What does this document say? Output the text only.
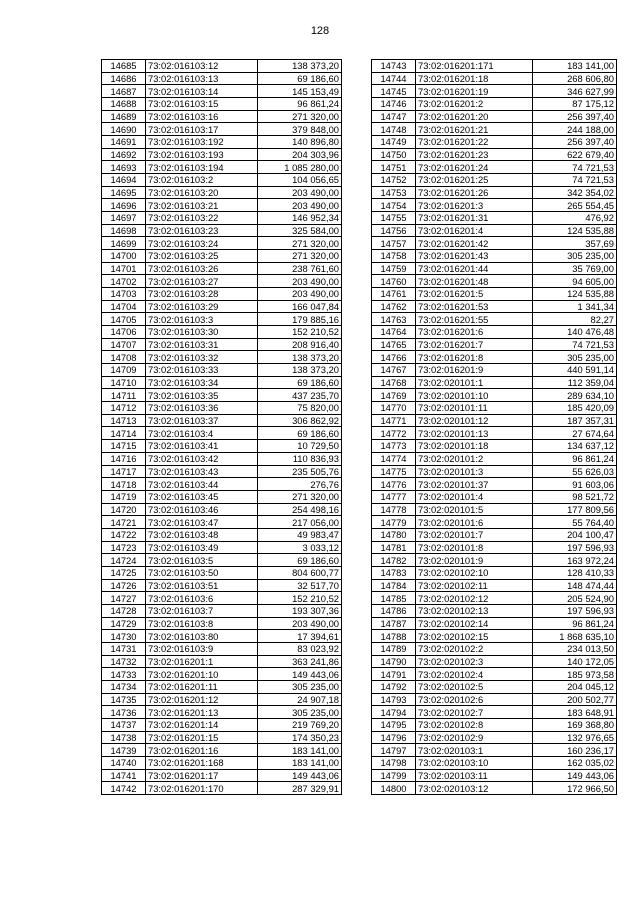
128
14685	73:02:016103:12	138 373,20
14686	73:02:016103:13	69 186,60
14687	73:02:016103:14	145 153,49
14688	73:02:016103:15	96 861,24
14689	73:02:016103:16	271 320,00
14690	73:02:016103:17	379 848,00
14691	73:02:016103:192	140 896,80
14692	73:02:016103:193	204 303,96
14693	73:02:016103:194	1 085 280,00
14694	73:02:016103:2	104 056,65
14695	73:02:016103:20	203 490,00
14696	73:02:016103:21	203 490,00
14697	73:02:016103:22	146 952,34
14698	73:02:016103:23	325 584,00
14699	73:02:016103:24	271 320,00
14700	73:02:016103:25	271 320,00
14701	73:02:016103:26	238 761,60
14702	73:02:016103:27	203 490,00
14703	73:02:016103:28	203 490,00
14704	73:02:016103:29	166 047,84
14705	73:02:016103:3	179 885,16
14706	73:02:016103:30	152 210,52
14707	73:02:016103:31	208 916,40
14708	73:02:016103:32	138 373,20
14709	73:02:016103:33	138 373,20
14710	73:02:016103:34	69 186,60
14711	73:02:016103:35	437 235,70
14712	73:02:016103:36	75 820,00
14713	73:02:016103:37	306 862,92
14714	73:02:016103:4	69 186,60
14715	73:02:016103:41	10 729,50
14716	73:02:016103:42	110 836,93
14717	73:02:016103:43	235 505,76
14718	73:02:016103:44	276,76
14719	73:02:016103:45	271 320,00
14720	73:02:016103:46	254 498,16
14721	73:02:016103:47	217 056,00
14722	73:02:016103:48	49 983,47
14723	73:02:016103:49	3 033,12
14724	73:02:016103:5	69 186,60
14725	73:02:016103:50	804 600,77
14726	73:02:016103:51	32 517,70
14727	73:02:016103:6	152 210,52
14728	73:02:016103:7	193 307,36
14729	73:02:016103:8	203 490,00
14730	73:02:016103:80	17 394,61
14731	73:02:016103:9	83 023,92
14732	73:02:016201:1	363 241,86
14733	73:02:016201:10	149 443,06
14734	73:02:016201:11	305 235,00
14735	73:02:016201:12	24 907,18
14736	73:02:016201:13	305 235,00
14737	73:02:016201:14	219 769,20
14738	73:02:016201:15	174 350,23
14739	73:02:016201:16	183 141,00
14740	73:02:016201:168	183 141,00
14741	73:02:016201:17	149 443,06
14742	73:02:016201:170	287 329,91
14743	73:02:016201:171	183 141,00
14744	73:02:016201:18	268 606,80
14745	73:02:016201:19	346 627,99
14746	73:02:016201:2	87 175,12
14747	73:02:016201:20	256 397,40
14748	73:02:016201:21	244 188,00
14749	73:02:016201:22	256 397,40
14750	73:02:016201:23	622 679,40
14751	73:02:016201:24	74 721,53
14752	73:02:016201:25	74 721,53
14753	73:02:016201:26	342 354,02
14754	73:02:016201:3	265 554,45
14755	73:02:016201:31	476,92
14756	73:02:016201:4	124 535,88
14757	73:02:016201:42	357,69
14758	73:02:016201:43	305 235,00
14759	73:02:016201:44	35 769,00
14760	73:02:016201:48	94 605,00
14761	73:02:016201:5	124 535,88
14762	73:02:016201:53	1 341,34
14763	73:02:016201:55	82,27
14764	73:02:016201:6	140 476,48
14765	73:02:016201:7	74 721,53
14766	73:02:016201:8	305 235,00
14767	73:02:016201:9	440 591,14
14768	73:02:020101:1	112 359,04
14769	73:02:020101:10	289 634,10
14770	73:02:020101:11	185 420,09
14771	73:02:020101:12	187 357,31
14772	73:02:020101:13	27 674,64
14773	73:02:020101:18	134 637,12
14774	73:02:020101:2	96 861,24
14775	73:02:020101:3	55 626,03
14776	73:02:020101:37	91 603,06
14777	73:02:020101:4	98 521,72
14778	73:02:020101:5	177 809,56
14779	73:02:020101:6	55 764,40
14780	73:02:020101:7	204 100,47
14781	73:02:020101:8	197 596,93
14782	73:02:020101:9	163 972,24
14783	73:02:020102:10	128 410,33
14784	73:02:020102:11	148 474,44
14785	73:02:020102:12	205 524,90
14786	73:02:020102:13	197 596,93
14787	73:02:020102:14	96 861,24
14788	73:02:020102:15	1 868 635,10
14789	73:02:020102:2	234 013,50
14790	73:02:020102:3	140 172,05
14791	73:02:020102:4	185 973,58
14792	73:02:020102:5	204 045,12
14793	73:02:020102:6	200 502,77
14794	73:02:020102:7	183 648,91
14795	73:02:020102:8	169 368,80
14796	73:02:020102:9	132 976,65
14797	73:02:020103:1	160 236,17
14798	73:02:020103:10	162 035,02
14799	73:02:020103:11	149 443,06
14800	73:02:020103:12	172 966,50
